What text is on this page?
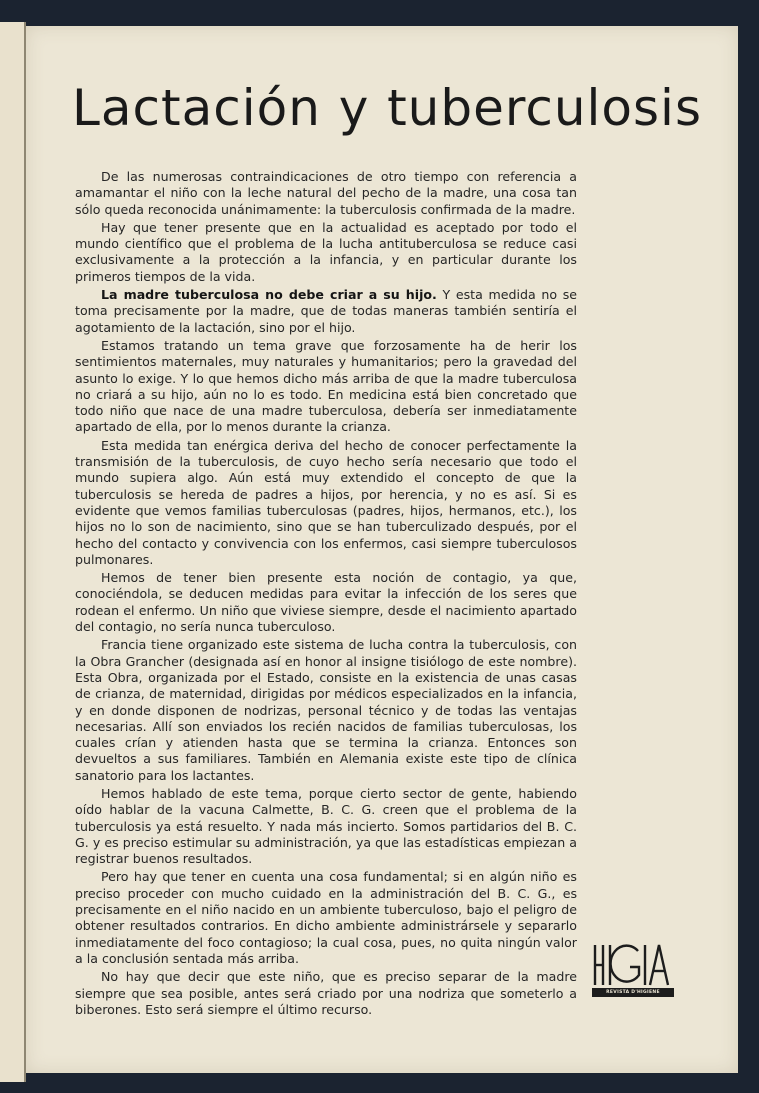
Lactación y tuberculosis

De las numerosas contraindicaciones de otro tiempo con referencia a amamantar el niño con la leche natural del pecho de la madre, una cosa tan sólo queda reconocida unánimamente: la tuberculosis confirmada de la madre.

Hay que tener presente que en la actualidad es aceptado por todo el mundo científico que el problema de la lucha antituberculosa se reduce casi exclusivamente a la protección a la infancia, y en particular durante los primeros tiempos de la vida.

La madre tuberculosa no debe criar a su hijo. Y esta medida no se toma precisamente por la madre, que de todas maneras también sentiría el agotamiento de la lactación, sino por el hijo.

Estamos tratando un tema grave que forzosamente ha de herir los sentimientos maternales, muy naturales y humanitarios; pero la gravedad del asunto lo exige. Y lo que hemos dicho más arriba de que la madre tuberculosa no criará a su hijo, aún no lo es todo. En medicina está bien concretado que todo niño que nace de una madre tuberculosa, debería ser inmediatamente apartado de ella, por lo menos durante la crianza.

Esta medida tan enérgica deriva del hecho de conocer perfectamente la transmisión de la tuberculosis, de cuyo hecho sería necesario que todo el mundo supiera algo. Aún está muy extendido el concepto de que la tuberculosis se hereda de padres a hijos, por herencia, y no es así. Si es evidente que vemos familias tuberculosas (padres, hijos, hermanos, etc.), los hijos no lo son de nacimiento, sino que se han tuberculizado después, por el hecho del contacto y convivencia con los enfermos, casi siempre tuberculosos pulmonares.

Hemos de tener bien presente esta noción de contagio, ya que, conociéndola, se deducen medidas para evitar la infección de los seres que rodean el enfermo. Un niño que viviese siempre, desde el nacimiento apartado del contagio, no sería nunca tuberculoso.

Francia tiene organizado este sistema de lucha contra la tuberculosis, con la Obra Grancher (designada así en honor al insigne tisiólogo de este nombre). Esta Obra, organizada por el Estado, consiste en la existencia de unas casas de crianza, de maternidad, dirigidas por médicos especializados en la infancia, y en donde disponen de nodrizas, personal técnico y de todas las ventajas necesarias. Allí son enviados los recién nacidos de familias tuberculosas, los cuales crían y atienden hasta que se termina la crianza. Entonces son devueltos a sus familiares. También en Alemania existe este tipo de clínica sanatorio para los lactantes.

Hemos hablado de este tema, porque cierto sector de gente, habiendo oído hablar de la vacuna Calmette, B. C. G. creen que el problema de la tuberculosis ya está resuelto. Y nada más incierto. Somos partidarios del B. C. G. y es preciso estimular su administración, ya que las estadísticas empiezan a registrar buenos resultados.

Pero hay que tener en cuenta una cosa fundamental; si en algún niño es preciso proceder con mucho cuidado en la administración del B. C. G., es precisamente en el niño nacido en un ambiente tuberculoso, bajo el peligro de obtener resultados contrarios. En dicho ambiente administrársele y separarlo inmediatamente del foco contagioso; la cual cosa, pues, no quita ningún valor a la conclusión sentada más arriba.

No hay que decir que este niño, que es preciso separar de la madre siempre que sea posible, antes será criado por una nodriza que someterlo a biberones. Esto será siempre el último recurso.

REVISTA D'HIGIENE
